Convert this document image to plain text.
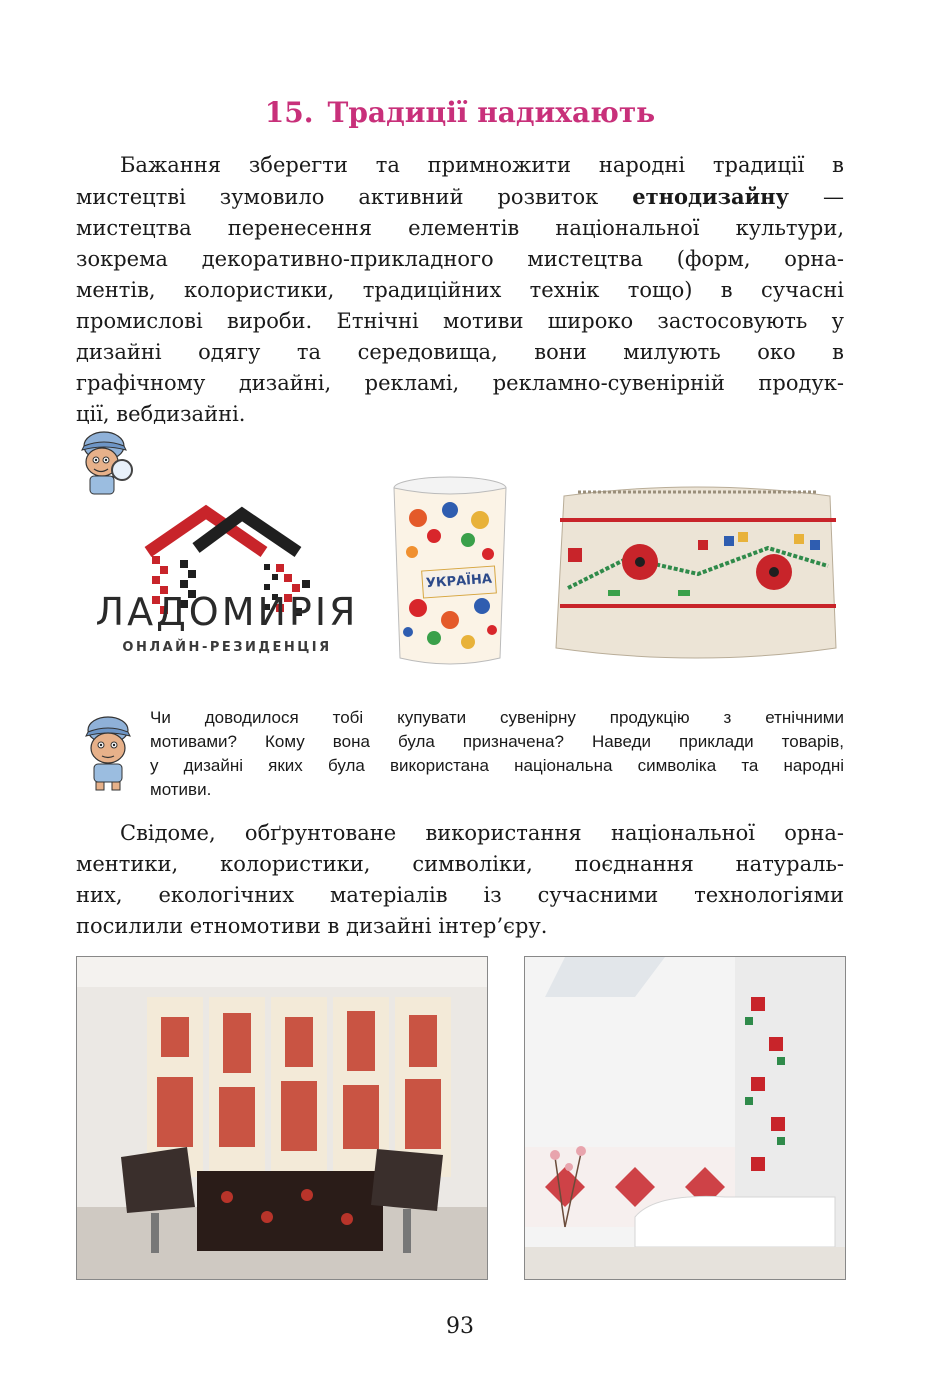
15. Традиції надихають
Бажання зберегти та примножити народні традиції в
мистецтві зумовило активний розвиток етнодизайну —
мистецтва перенесення елементів національної культури,
зокрема декоративно-прикладного мистецтва (форм, орна-
ментів, колористики, традиційних технік тощо) в сучасні
промислові вироби. Етнічні мотиви широко застосовують у
дизайні одягу та середовища, вони милують око в
графічному дизайні, рекламі, рекламно-сувенірній продук-
ції, вебдизайні.
ЛАДОМИРІЯ
ОНЛАЙН-РЕЗИДЕНЦІЯ
УКРАЇНА
Чи доводилося тобі купувати сувенірну продукцію з етнічними
мотивами? Кому вона була призначена? Наведи приклади товарів,
у дизайні яких була використана національна символіка та народні
мотиви.
Свідоме, обґрунтоване використання національної орна-
ментики, колористики, символіки, поєднання натураль-
них, екологічних матеріалів із сучасними технологіями
посилили етномотиви в дизайні інтер’єру.
93
